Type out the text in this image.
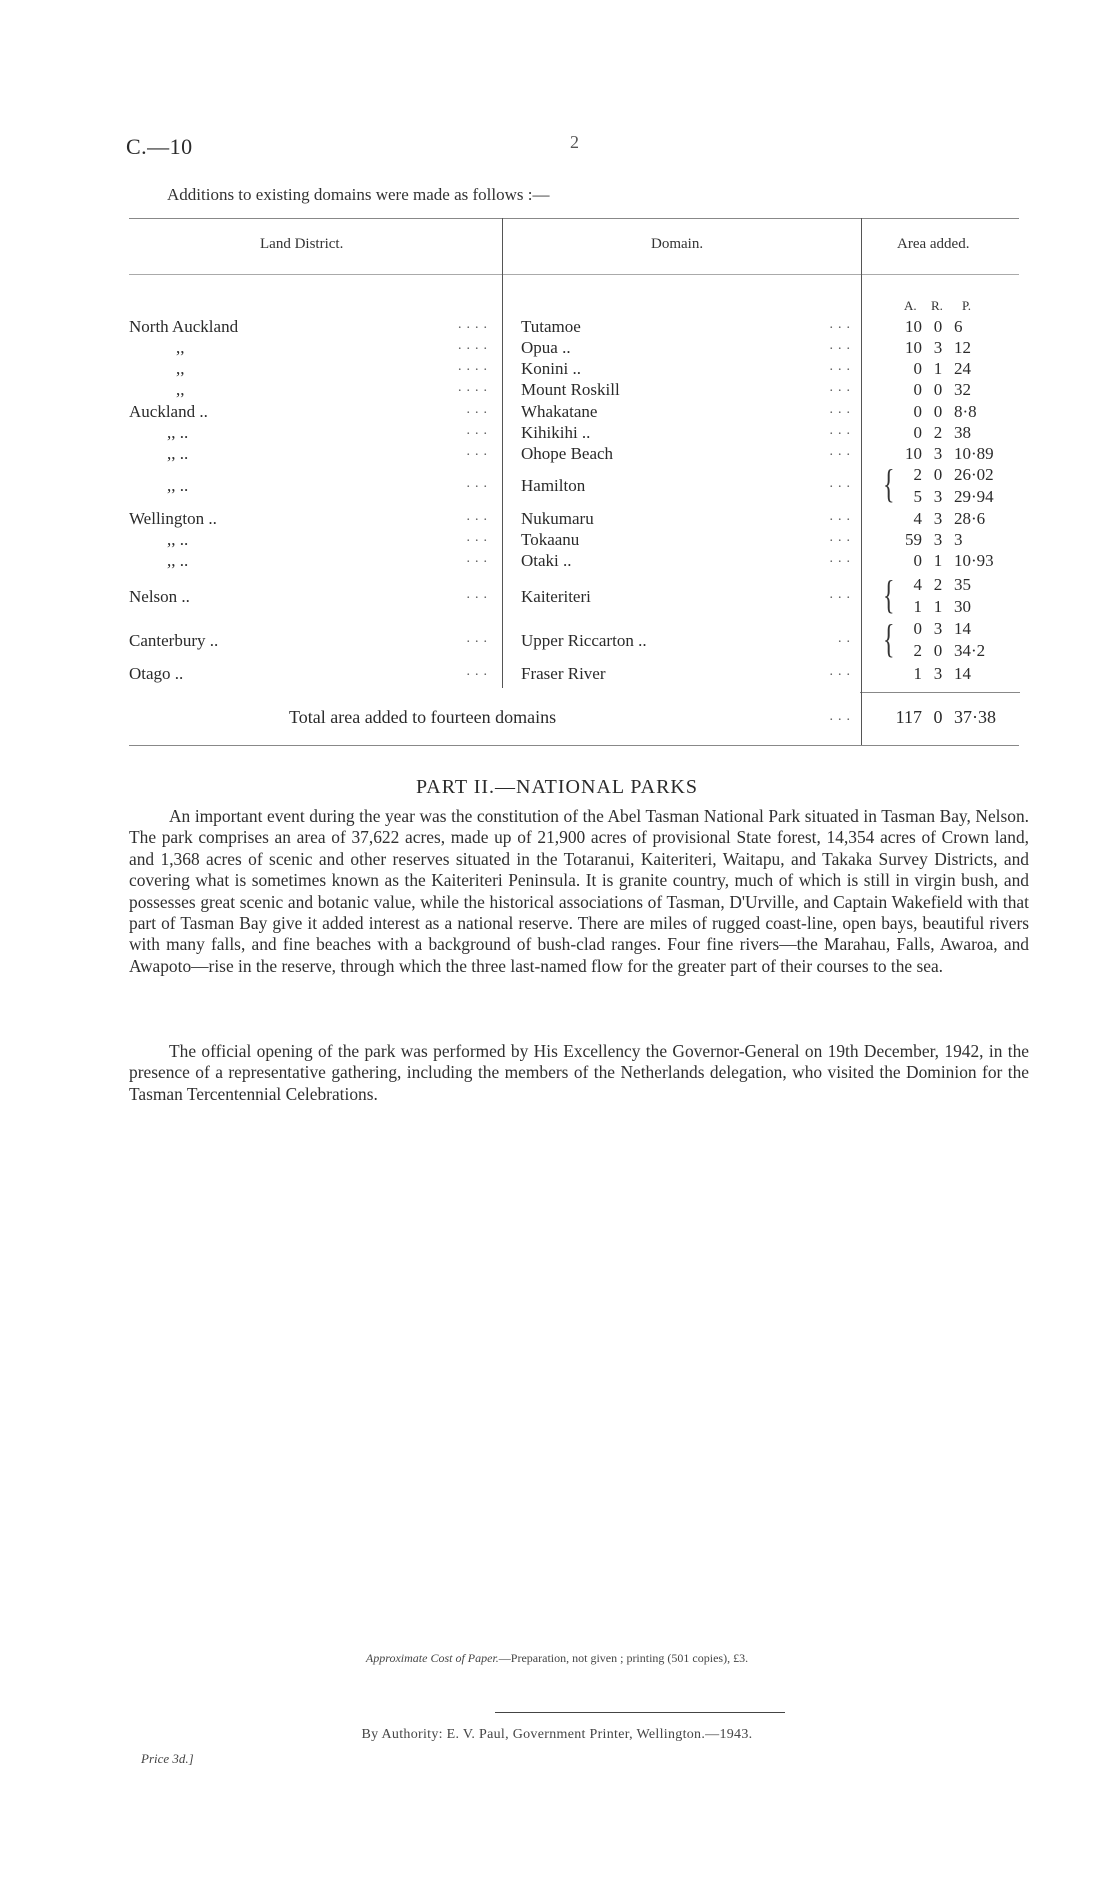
C.—10	2
Additions to existing domains were made as follows :—
Land District.	Domain.	Area added.
A. R. P.
North Auckland	.... Tutamoe	...	10 0 6
,,	.... Opua ..	...	10 3 12
,,	.... Konini ..	...	0 1 24
,,	.... Mount Roskill	...	0 0 32
Auckland ..	... Whakatane	...	0 0 8·8
,, ..	... Kihikihi ..	...	0 2 38
,, ..	... Ohope Beach	...	10 3 10·89
,, ..	... Hamilton	... {	2 0 26·02
5 3 29·94
Wellington ..	... Nukumaru	...	4 3 28·6
,, ..	... Tokaanu	...	59 3 3
,, ..	... Otaki ..	...	0 1 10·93
Nelson ..	... Kaiteriteri	... {	4 2 35
1 1 30
Canterbury ..	... Upper Riccarton ..	.. {	0 3 14
2 0 34·2
Otago ..	... Fraser River	...	1 3 14
Total area added to fourteen domains	... 117 0 37·38
PART II.—NATIONAL PARKS
An important event during the year was the constitution of the Abel Tasman National Park situated in Tasman Bay, Nelson. The park comprises an area of 37,622 acres, made up of 21,900 acres of provisional State forest, 14,354 acres of Crown land, and 1,368 acres of scenic and other reserves situated in the Totaranui, Kaiteriteri, Waitapu, and Takaka Survey Districts, and covering what is sometimes known as the Kaiteriteri Peninsula. It is granite country, much of which is still in virgin bush, and possesses great scenic and botanic value, while the historical associations of Tasman, D'Urville, and Captain Wakefield with that part of Tasman Bay give it added interest as a national reserve. There are miles of rugged coast-line, open bays, beautiful rivers with many falls, and fine beaches with a background of bush-clad ranges. Four fine rivers—the Marahau, Falls, Awaroa, and Awapoto—rise in the reserve, through which the three last-named flow for the greater part of their courses to the sea.
The official opening of the park was performed by His Excellency the Governor-General on 19th December, 1942, in the presence of a representative gathering, including the members of the Netherlands delegation, who visited the Dominion for the Tasman Tercentennial Celebrations.
Approximate Cost of Paper.—Preparation, not given ; printing (501 copies), £3.
By Authority: E. V. Paul, Government Printer, Wellington.—1943.
Price 3d.]
